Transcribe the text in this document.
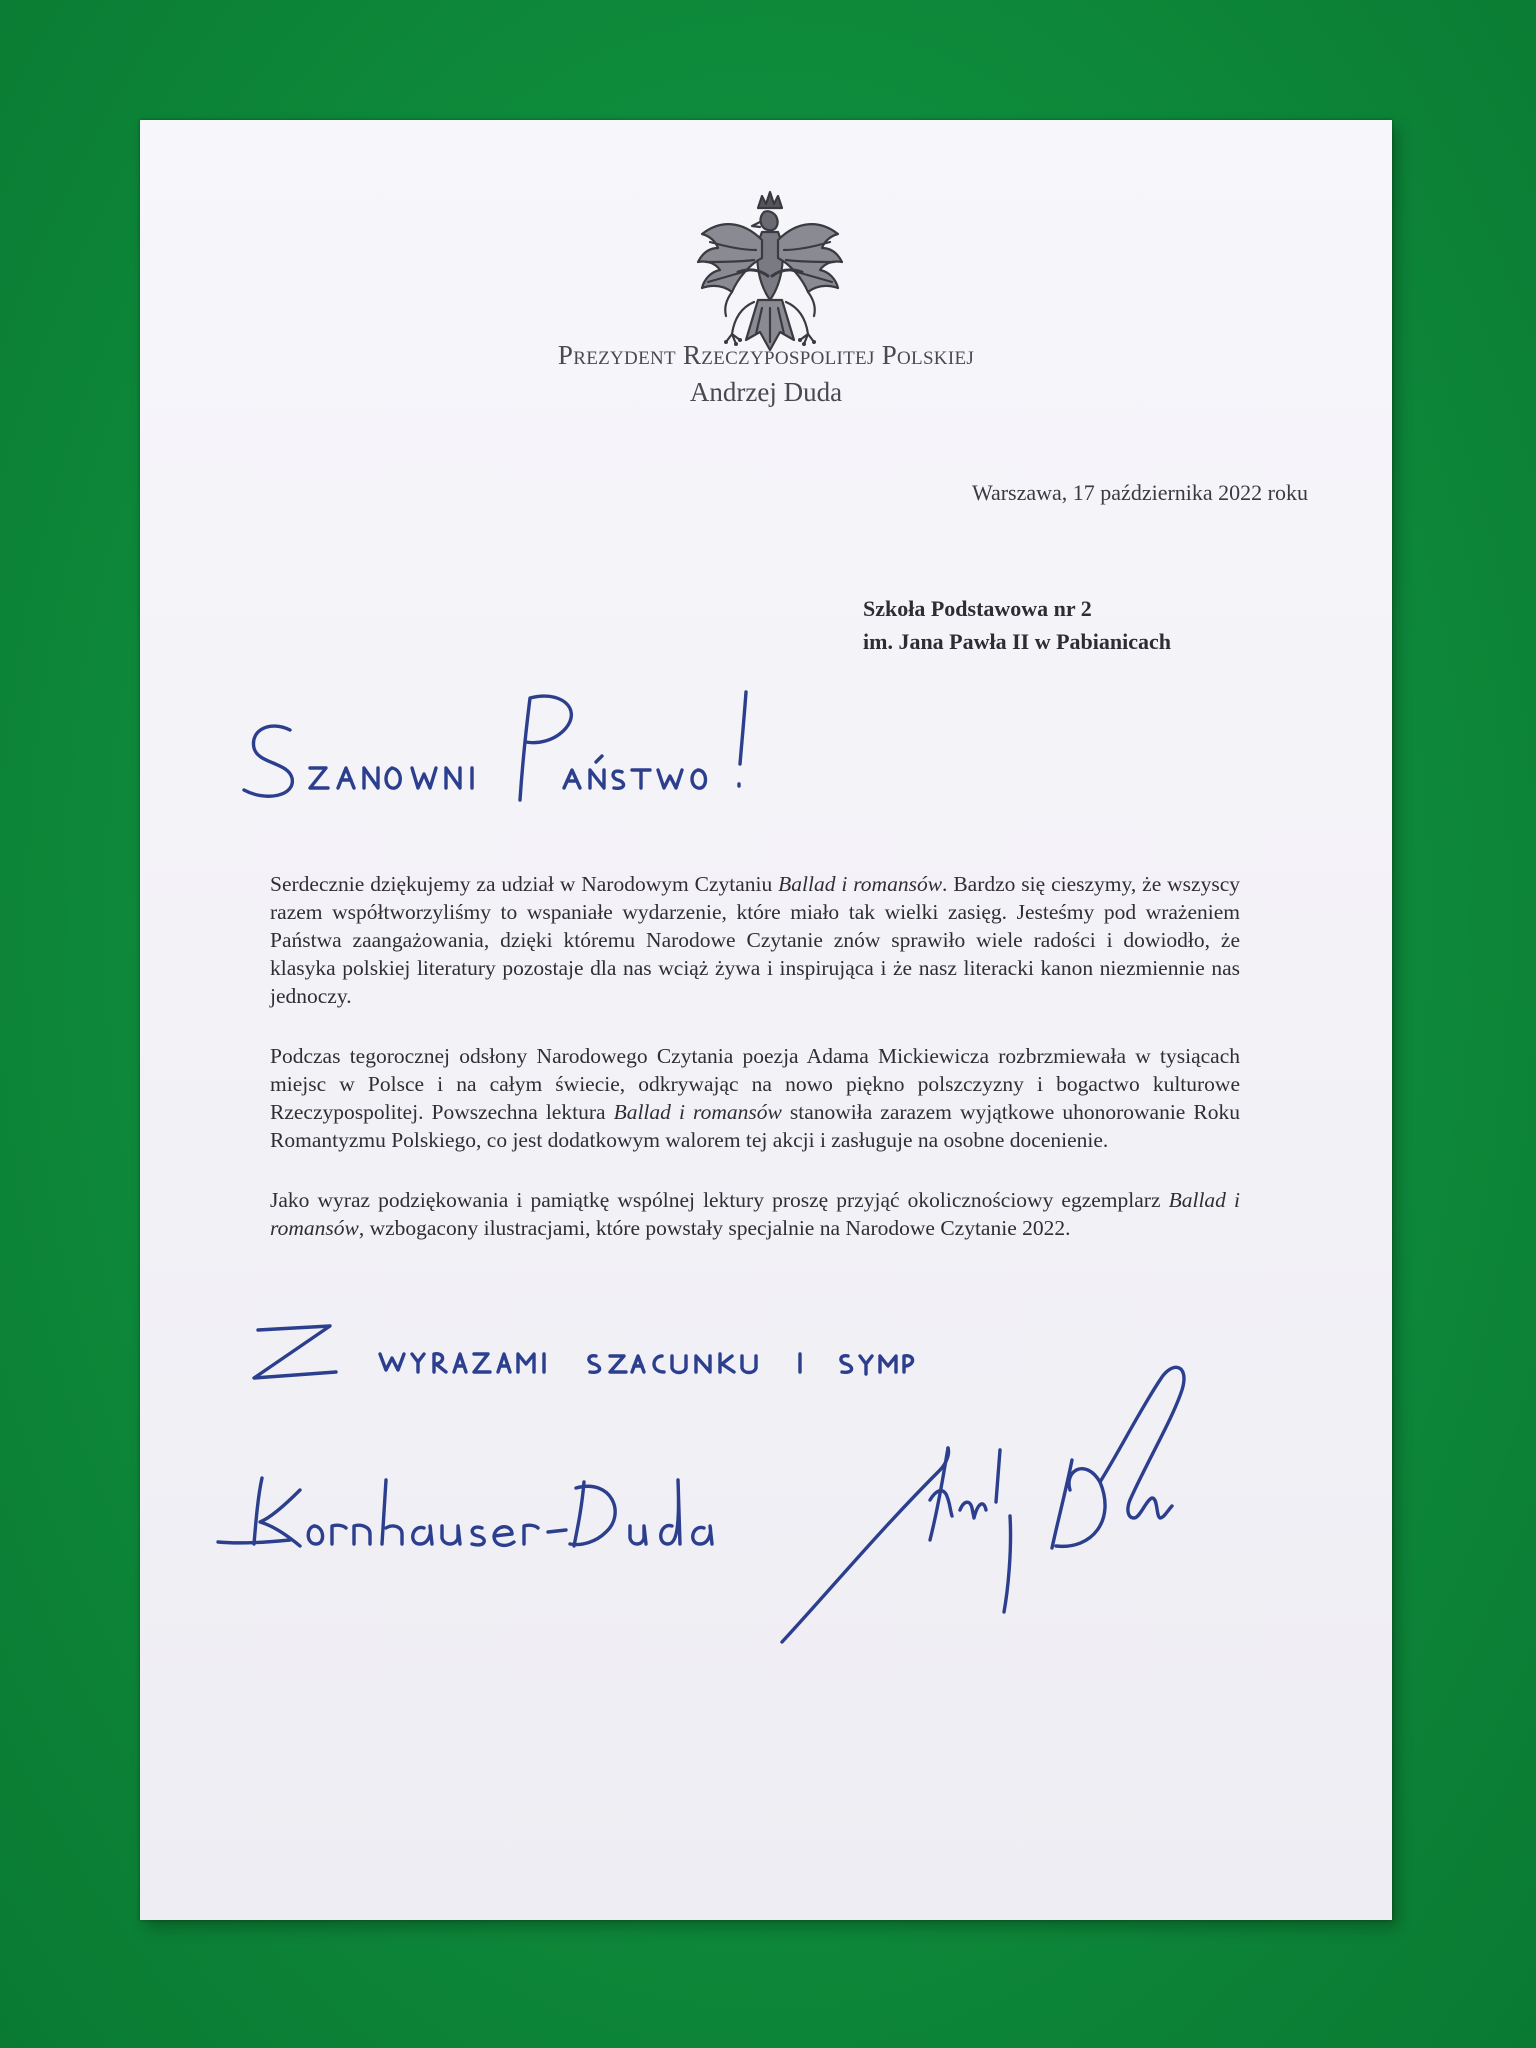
Prezydent Rzeczypospolitej Polskiej
Andrzej Duda
Warszawa, 17 października 2022 roku
Szkoła Podstawowa nr 2
im. Jana Pawła II w Pabianicach

Serdecznie dziękujemy za udział w Narodowym Czytaniu Ballad i romansów. Bardzo się cieszymy, że wszyscy razem współtworzyliśmy to wspaniałe wydarzenie, które miało tak wielki zasięg. Jesteśmy pod wrażeniem Państwa zaangażowania, dzięki któremu Narodowe Czytanie znów sprawiło wiele radości i dowiodło, że klasyka polskiej literatury pozostaje dla nas wciąż żywa i inspirująca i że nasz literacki kanon niezmiennie nas jednoczy.

Podczas tegorocznej odsłony Narodowego Czytania poezja Adama Mickiewicza rozbrzmiewała w tysiącach miejsc w Polsce i na całym świecie, odkrywając na nowo piękno polszczyzny i bogactwo kulturowe Rzeczypospolitej. Powszechna lektura Ballad i romansów stanowiła zarazem wyjątkowe uhonorowanie Roku Romantyzmu Polskiego, co jest dodatkowym walorem tej akcji i zasługuje na osobne docenienie.

Jako wyraz podziękowania i pamiątkę wspólnej lektury proszę przyjąć okolicznościowy egzemplarz Ballad i romansów, wzbogacony ilustracjami, które powstały specjalnie na Narodowe Czytanie 2022.
